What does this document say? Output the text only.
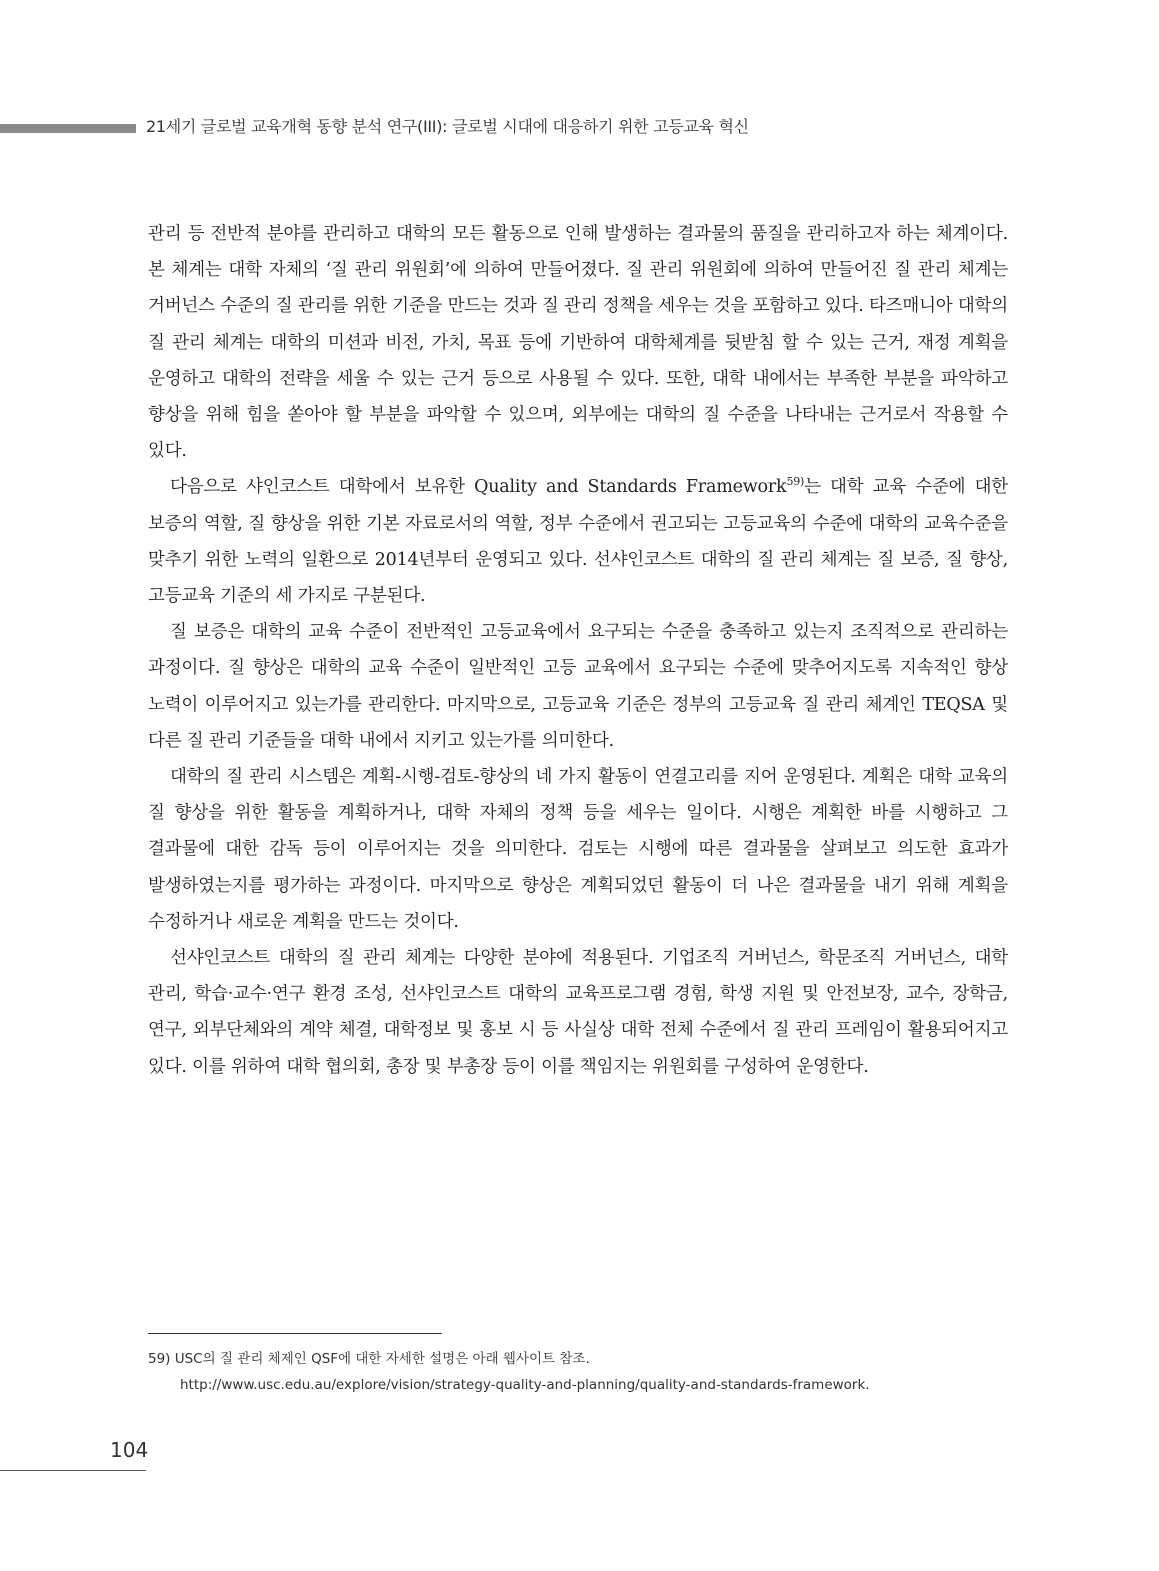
21세기 글로벌 교육개혁 동향 분석 연구(III): 글로벌 시대에 대응하기 위한 고등교육 혁신

관리 등 전반적 분야를 관리하고 대학의 모든 활동으로 인해 발생하는 결과물의 품질을 관리하고자 하는 체계이다. 본 체계는 대학 자체의 ‘질 관리 위원회’에 의하여 만들어졌다. 질 관리 위원회에 의하여 만들어진 질 관리 체계는 거버넌스 수준의 질 관리를 위한 기준을 만드는 것과 질 관리 정책을 세우는 것을 포함하고 있다. 타즈매니아 대학의 질 관리 체계는 대학의 미션과 비전, 가치, 목표 등에 기반하여 대학체계를 뒷받침 할 수 있는 근거, 재정 계획을 운영하고 대학의 전략을 세울 수 있는 근거 등으로 사용될 수 있다. 또한, 대학 내에서는 부족한 부분을 파악하고 향상을 위해 힘을 쏟아야 할 부분을 파악할 수 있으며, 외부에는 대학의 질 수준을 나타내는 근거로서 작용할 수 있다.

다음으로 샤인코스트 대학에서 보유한 Quality and Standards Framework$^{59)}$는 대학 교육 수준에 대한 보증의 역할, 질 향상을 위한 기본 자료로서의 역할, 정부 수준에서 권고되는 고등교육의 수준에 대학의 교육수준을 맞추기 위한 노력의 일환으로 2014년부터 운영되고 있다. 선샤인코스트 대학의 질 관리 체계는 질 보증, 질 향상, 고등교육 기준의 세 가지로 구분된다.

질 보증은 대학의 교육 수준이 전반적인 고등교육에서 요구되는 수준을 충족하고 있는지 조직적으로 관리하는 과정이다. 질 향상은 대학의 교육 수준이 일반적인 고등 교육에서 요구되는 수준에 맞추어지도록 지속적인 향상 노력이 이루어지고 있는가를 관리한다. 마지막으로, 고등교육 기준은 정부의 고등교육 질 관리 체계인 TEQSA 및 다른 질 관리 기준들을 대학 내에서 지키고 있는가를 의미한다.

대학의 질 관리 시스템은 계획-시행-검토-향상의 네 가지 활동이 연결고리를 지어 운영된다. 계획은 대학 교육의 질 향상을 위한 활동을 계획하거나, 대학 자체의 정책 등을 세우는 일이다. 시행은 계획한 바를 시행하고 그 결과물에 대한 감독 등이 이루어지는 것을 의미한다. 검토는 시행에 따른 결과물을 살펴보고 의도한 효과가 발생하였는지를 평가하는 과정이다. 마지막으로 향상은 계획되었던 활동이 더 나은 결과물을 내기 위해 계획을 수정하거나 새로운 계획을 만드는 것이다.

선샤인코스트 대학의 질 관리 체계는 다양한 분야에 적용된다. 기업조직 거버넌스, 학문조직 거버넌스, 대학 관리, 학습·교수·연구 환경 조성, 선샤인코스트 대학의 교육프로그램 경험, 학생 지원 및 안전보장, 교수, 장학금, 연구, 외부단체와의 계약 체결, 대학정보 및 홍보 시 등 사실상 대학 전체 수준에서 질 관리 프레임이 활용되어지고 있다. 이를 위하여 대학 협의회, 총장 및 부총장 등이 이를 책임지는 위원회를 구성하여 운영한다.

59) USC의 질 관리 체제인 QSF에 대한 자세한 설명은 아래 웹사이트 참조.
http://www.usc.edu.au/explore/vision/strategy-quality-and-planning/quality-and-standards-framework.
104
